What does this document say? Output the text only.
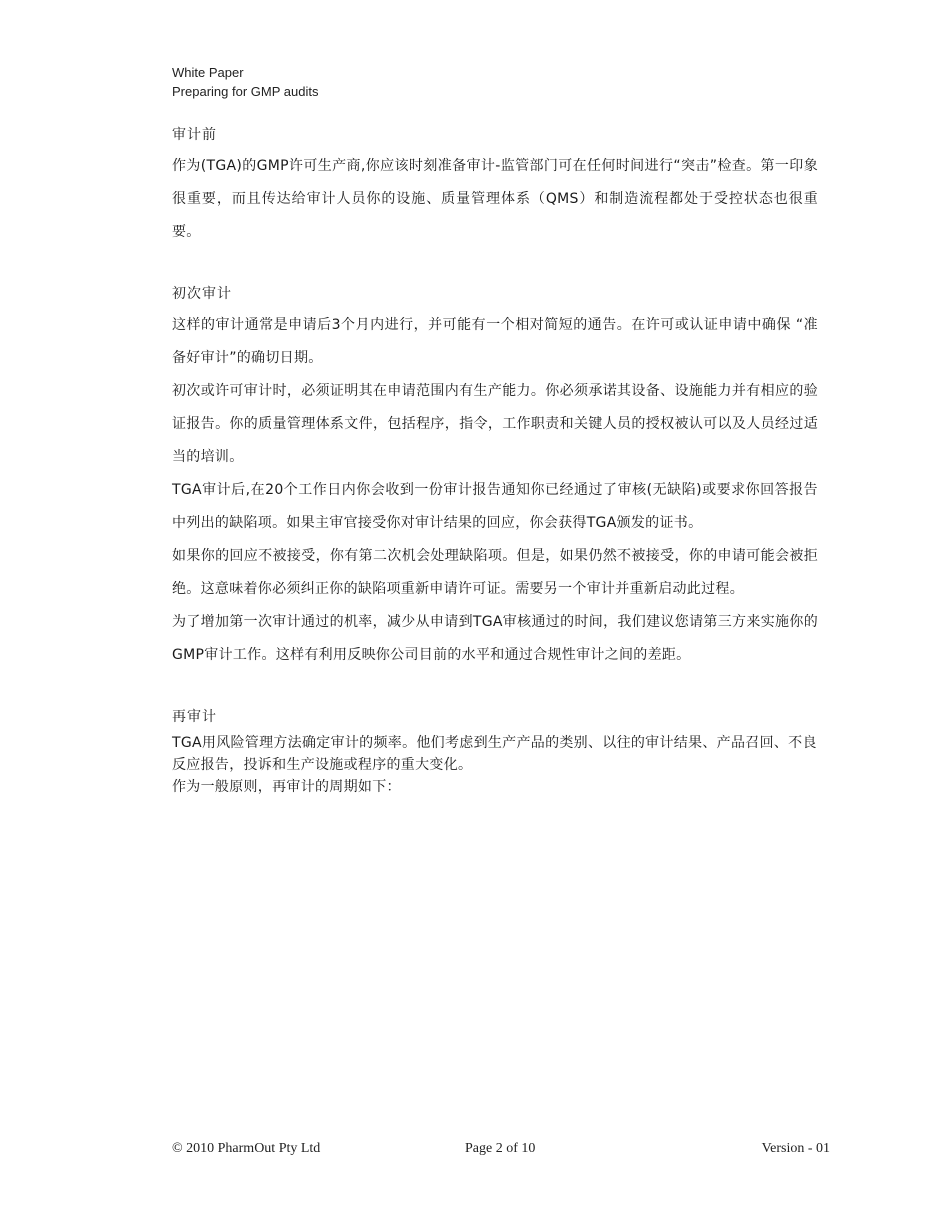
White Paper
Preparing for GMP audits
审计前

作为(TGA)的GMP许可生产商,你应该时刻准备审计-监管部门可在任何时间进行“突击”检查。第一印象很重要，而且传达给审计人员你的设施、质量管理体系（QMS）和制造流程都处于受控状态也很重要。

初次审计

这样的审计通常是申请后3个月内进行，并可能有一个相对简短的通告。在许可或认证申请中确保 “准备好审计”的确切日期。

初次或许可审计时，必须证明其在申请范围内有生产能力。你必须承诺其设备、设施能力并有相应的验证报告。你的质量管理体系文件，包括程序，指令，工作职责和关键人员的授权被认可以及人员经过适当的培训。

TGA审计后,在20个工作日内你会收到一份审计报告通知你已经通过了审核(无缺陷)或要求你回答报告中列出的缺陷项。如果主审官接受你对审计结果的回应，你会获得TGA颁发的证书。

如果你的回应不被接受，你有第二次机会处理缺陷项。但是，如果仍然不被接受，你的申请可能会被拒绝。这意味着你必须纠正你的缺陷项重新申请许可证。需要另一个审计并重新启动此过程。

为了增加第一次审计通过的机率，减少从申请到TGA审核通过的时间，我们建议您请第三方来实施你的GMP审计工作。这样有利用反映你公司目前的水平和通过合规性审计之间的差距。

再审计

TGA用风险管理方法确定审计的频率。他们考虑到生产产品的类别、以往的审计结果、产品召回、不良反应报告，投诉和生产设施或程序的重大变化。

作为一般原则，再审计的周期如下：

© 2010 PharmOut Pty Ltd	Page 2 of 10	Version - 01
